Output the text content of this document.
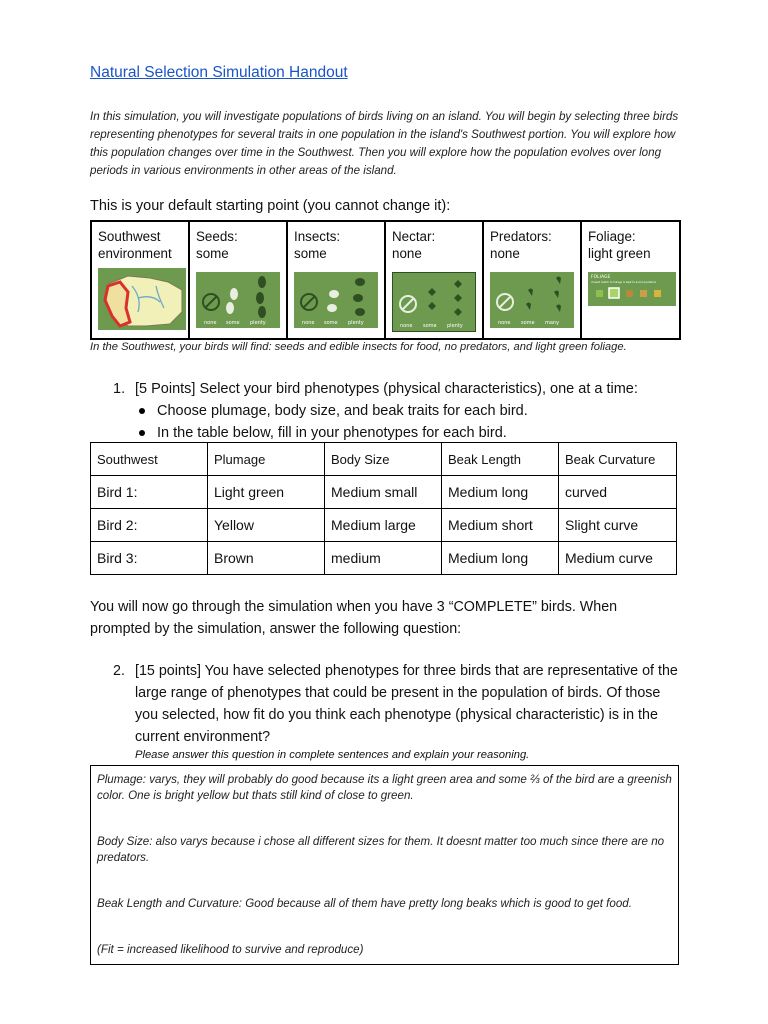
Natural Selection Simulation Handout
In this simulation, you will investigate populations of birds living on an island. You will begin by selecting three birds representing phenotypes for several traits in one population in the island's Southwest portion. You will explore how this population changes over time in the Southwest. Then you will explore how the population evolves over long periods in various environments in other areas of the island.
This is your default starting point (you cannot change it):
Southwest
environment

Seeds:
some
none some plenty

Insects:
some
none some plenty

Nectar:
none
none some plenty

Predators:
none
none some many

Foliage:
light green
FOLIAGE
closest match to foliage is best to avoid predators
In the Southwest, your birds will find: seeds and edible insects for food, no predators, and light green foliage.
1. [5 Points] Select your bird phenotypes (physical characteristics), one at a time:
Choose plumage, body size, and beak traits for each bird.
In the table below, fill in your phenotypes for each bird.
Southwest	Plumage	Body Size	Beak Length	Beak Curvature
Bird 1:	Light green	Medium small	Medium long	curved
Bird 2:	Yellow	Medium large	Medium short	Slight curve
Bird 3:	Brown	medium	Medium long	Medium curve
You will now go through the simulation when you have 3 “COMPLETE” birds. When prompted by the simulation, answer the following question:
2. [15 points] You have selected phenotypes for three birds that are representative of the large range of phenotypes that could be present in the population of birds. Of those you selected, how fit do you think each phenotype (physical characteristic) is in the current environment?
Please answer this question in complete sentences and explain your reasoning.

Plumage: varys, they will probably do good because its a light green area and some ⅔ of the bird are a greenish color. One is bright yellow but thats still kind of close to green.

Body Size: also varys because i chose all different sizes for them. It doesnt matter too much since there are no predators.

Beak Length and Curvature: Good because all of them have pretty long beaks which is good to get food.

(Fit = increased likelihood to survive and reproduce)
